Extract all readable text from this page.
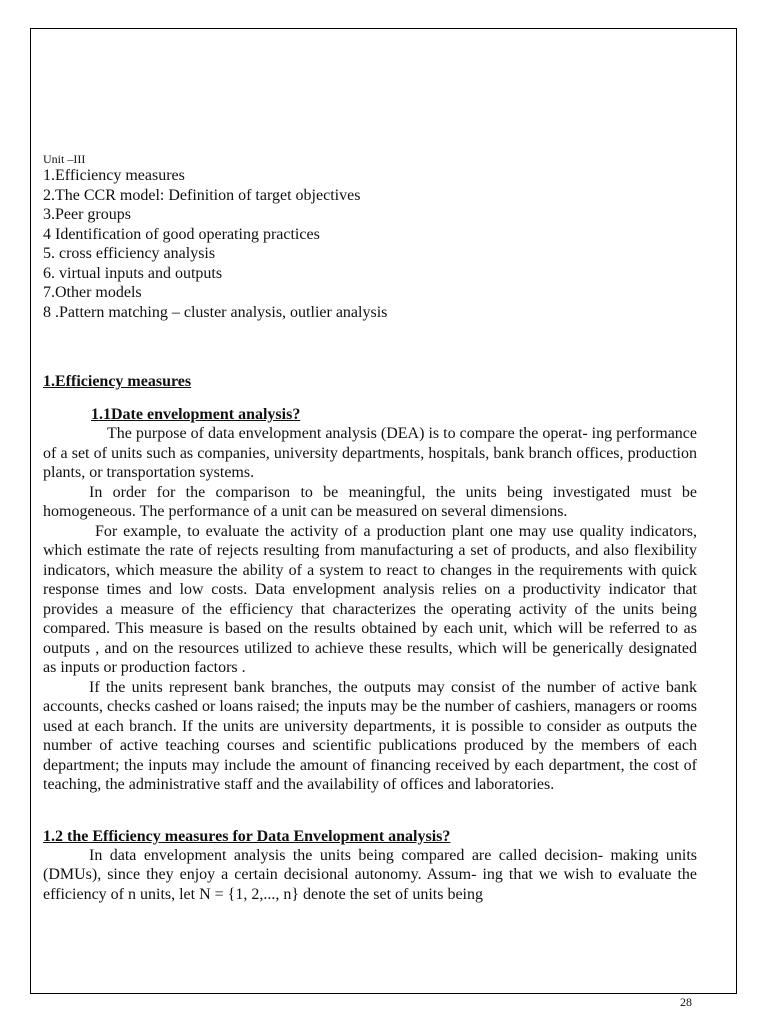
Unit –III

1.Efficiency measures
2.The CCR model: Definition of target objectives
3.Peer groups
4 Identification of good operating practices
5. cross efficiency analysis
6. virtual inputs and outputs
7.Other models
8 .Pattern matching – cluster analysis, outlier analysis
1.Efficiency measures
1.1Date envelopment analysis?

The purpose of data envelopment analysis (DEA) is to compare the operat- ing performance of a set of units such as companies, university departments, hospitals, bank branch offices, production plants, or transportation systems.

In order for the comparison to be meaningful, the units being investigated must be homogeneous. The performance of a unit can be measured on several dimensions.

For example, to evaluate the activity of a production plant one may use quality indicators, which estimate the rate of rejects resulting from manufacturing a set of products, and also flexibility indicators, which measure the ability of a system to react to changes in the requirements with quick response times and low costs. Data envelopment analysis relies on a productivity indicator that provides a measure of the efficiency that characterizes the operating activity of the units being compared. This measure is based on the results obtained by each unit, which will be referred to as outputs , and on the resources utilized to achieve these results, which will be generically designated as inputs or production factors .

If the units represent bank branches, the outputs may consist of the number of active bank accounts, checks cashed or loans raised; the inputs may be the number of cashiers, managers or rooms used at each branch. If the units are university departments, it is possible to consider as outputs the number of active teaching courses and scientific publications produced by the members of each department; the inputs may include the amount of financing received by each department, the cost of teaching, the administrative staff and the availability of offices and laboratories.

1.2 the Efficiency measures for Data Envelopment analysis?

In data envelopment analysis the units being compared are called decision- making units (DMUs), since they enjoy a certain decisional autonomy. Assum- ing that we wish to evaluate the efficiency of n units, let N = {1, 2,..., n} denote the set of units being

28
